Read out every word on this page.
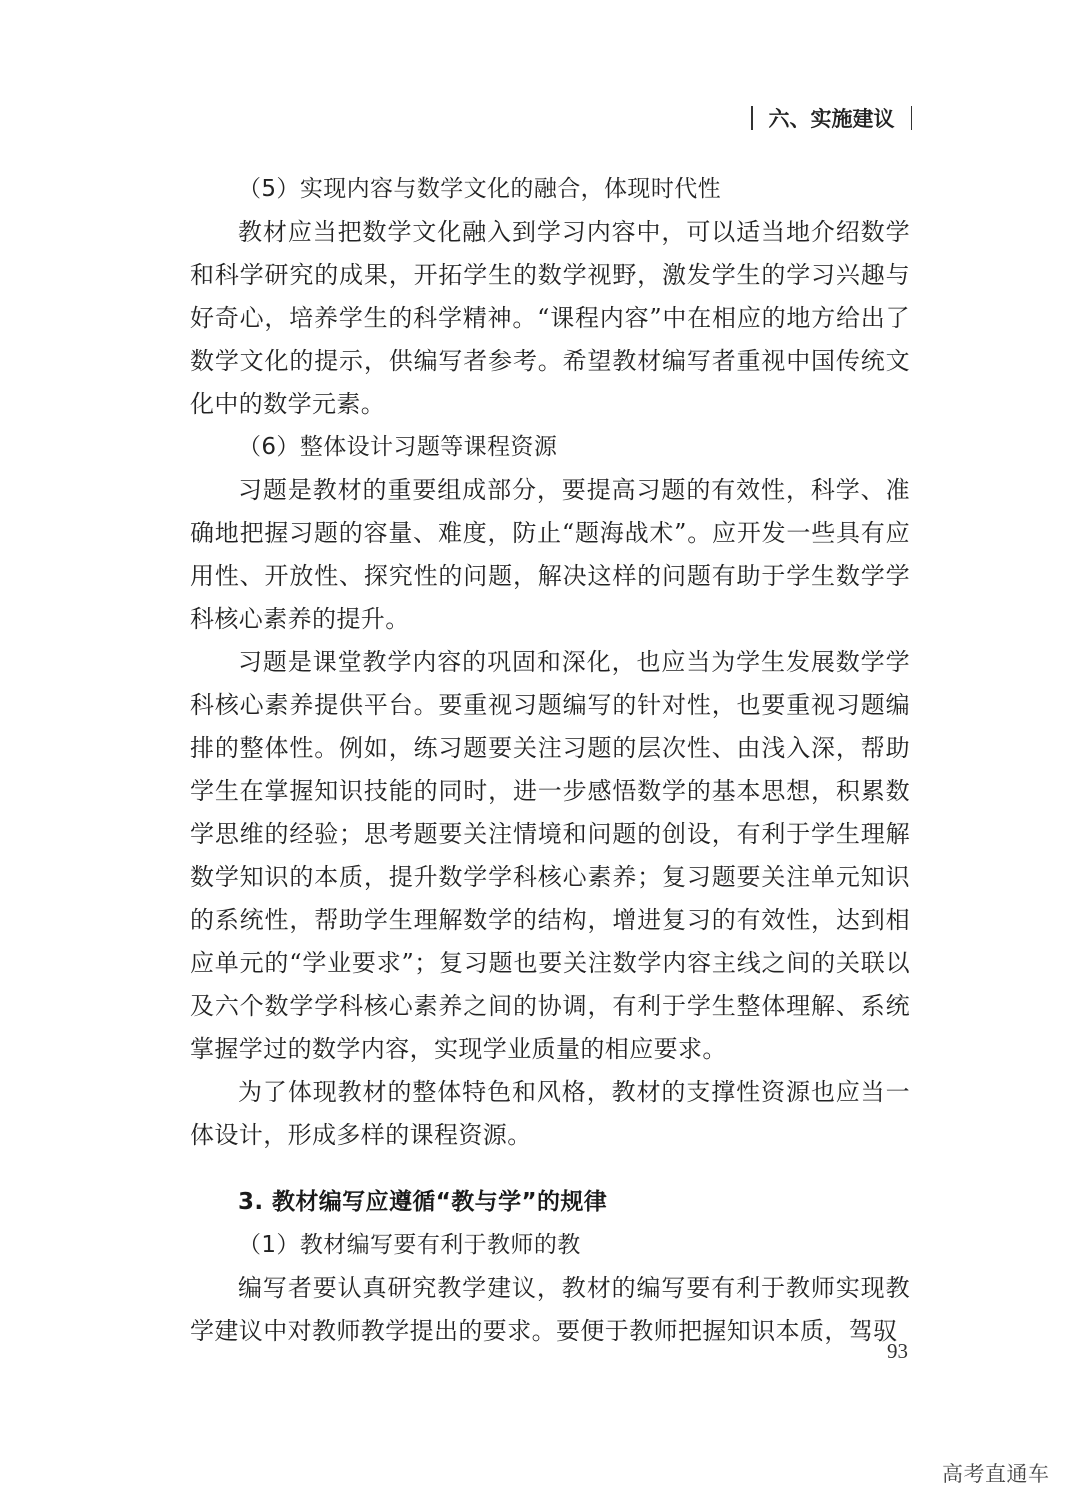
六、实施建议

（5）实现内容与数学文化的融合，体现时代性

教材应当把数学文化融入到学习内容中，可以适当地介绍数学和科学研究的成果，开拓学生的数学视野，激发学生的学习兴趣与好奇心，培养学生的科学精神。“课程内容”中在相应的地方给出了数学文化的提示，供编写者参考。希望教材编写者重视中国传统文化中的数学元素。

（6）整体设计习题等课程资源

习题是教材的重要组成部分，要提高习题的有效性，科学、准确地把握习题的容量、难度，防止“题海战术”。应开发一些具有应用性、开放性、探究性的问题，解决这样的问题有助于学生数学学科核心素养的提升。

习题是课堂教学内容的巩固和深化，也应当为学生发展数学学科核心素养提供平台。要重视习题编写的针对性，也要重视习题编排的整体性。例如，练习题要关注习题的层次性、由浅入深，帮助学生在掌握知识技能的同时，进一步感悟数学的基本思想，积累数学思维的经验；思考题要关注情境和问题的创设，有利于学生理解数学知识的本质，提升数学学科核心素养；复习题要关注单元知识的系统性，帮助学生理解数学的结构，增进复习的有效性，达到相应单元的“学业要求”；复习题也要关注数学内容主线之间的关联以及六个数学学科核心素养之间的协调，有利于学生整体理解、系统掌握学过的数学内容，实现学业质量的相应要求。

为了体现教材的整体特色和风格，教材的支撑性资源也应当一体设计，形成多样的课程资源。

3. 教材编写应遵循“教与学”的规律

（1）教材编写要有利于教师的教

编写者要认真研究教学建议，教材的编写要有利于教师实现教学建议中对教师教学提出的要求。要便于教师把握知识本质，驾驭

93
高考直通车
